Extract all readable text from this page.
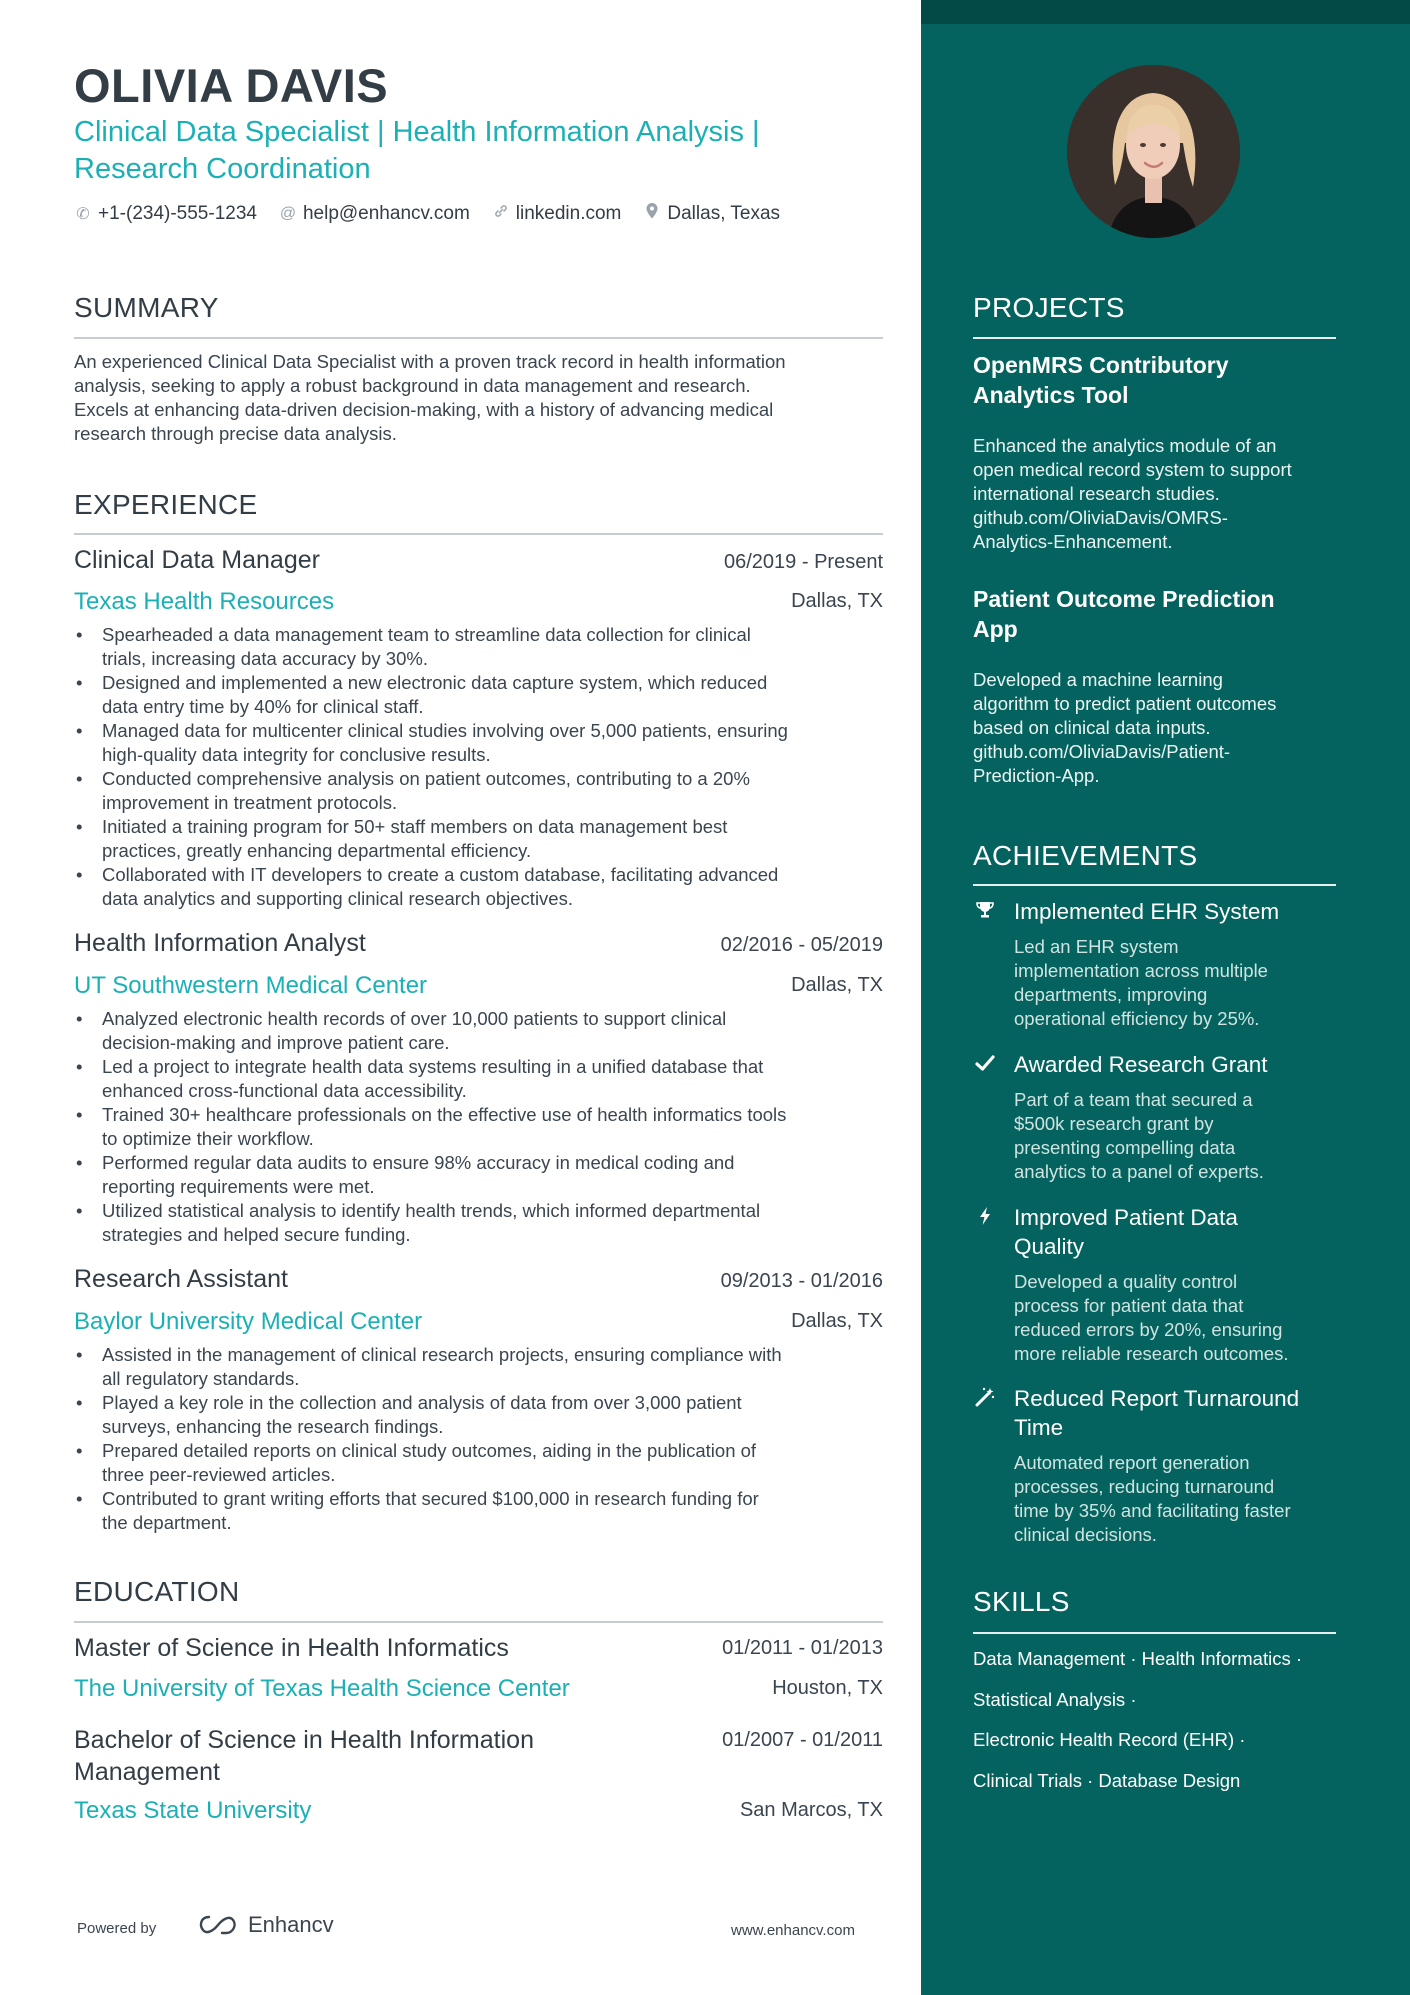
OLIVIA DAVIS
Clinical Data Specialist | Health Information Analysis |
Research Coordination
✆ +1-(234)-555-1234 @ help@enhancv.com linkedin.com Dallas, Texas
SUMMARY
An experienced Clinical Data Specialist with a proven track record in health information
analysis, seeking to apply a robust background in data management and research.
Excels at enhancing data-driven decision-making, with a history of advancing medical
research through precise data analysis.
EXPERIENCE
Clinical Data Manager	06/2019 - Present
Texas Health Resources	Dallas, TX
• Spearheaded a data management team to streamline data collection for clinical
trials, increasing data accuracy by 30%.
• Designed and implemented a new electronic data capture system, which reduced
data entry time by 40% for clinical staff.
• Managed data for multicenter clinical studies involving over 5,000 patients, ensuring
high-quality data integrity for conclusive results.
• Conducted comprehensive analysis on patient outcomes, contributing to a 20%
improvement in treatment protocols.
• Initiated a training program for 50+ staff members on data management best
practices, greatly enhancing departmental efficiency.
• Collaborated with IT developers to create a custom database, facilitating advanced
data analytics and supporting clinical research objectives.
Health Information Analyst	02/2016 - 05/2019
UT Southwestern Medical Center	Dallas, TX
• Analyzed electronic health records of over 10,000 patients to support clinical
decision-making and improve patient care.
• Led a project to integrate health data systems resulting in a unified database that
enhanced cross-functional data accessibility.
• Trained 30+ healthcare professionals on the effective use of health informatics tools
to optimize their workflow.
• Performed regular data audits to ensure 98% accuracy in medical coding and
reporting requirements were met.
• Utilized statistical analysis to identify health trends, which informed departmental
strategies and helped secure funding.
Research Assistant	09/2013 - 01/2016
Baylor University Medical Center	Dallas, TX
• Assisted in the management of clinical research projects, ensuring compliance with
all regulatory standards.
• Played a key role in the collection and analysis of data from over 3,000 patient
surveys, enhancing the research findings.
• Prepared detailed reports on clinical study outcomes, aiding in the publication of
three peer-reviewed articles.
• Contributed to grant writing efforts that secured $100,000 in research funding for
the department.
EDUCATION
Master of Science in Health Informatics	01/2011 - 01/2013
The University of Texas Health Science Center	Houston, TX
Bachelor of Science in Health Information
Management
01/2007 - 01/2011
Texas State University	San Marcos, TX
Powered by	Enhancv	www.enhancv.com
PROJECTS
OpenMRS Contributory
Analytics Tool
Enhanced the analytics module of an
open medical record system to support
international research studies.
github.com/OliviaDavis/OMRS-
Analytics-Enhancement.
Patient Outcome Prediction
App
Developed a machine learning
algorithm to predict patient outcomes
based on clinical data inputs.
github.com/OliviaDavis/Patient-
Prediction-App.
ACHIEVEMENTS
Implemented EHR System
Led an EHR system
implementation across multiple
departments, improving
operational efficiency by 25%.
Awarded Research Grant
Part of a team that secured a
$500k research grant by
presenting compelling data
analytics to a panel of experts.
Improved Patient Data
Quality
Developed a quality control
process for patient data that
reduced errors by 20%, ensuring
more reliable research outcomes.
Reduced Report Turnaround
Time
Automated report generation
processes, reducing turnaround
time by 35% and facilitating faster
clinical decisions.
SKILLS
Data Management · Health Informatics ·
Statistical Analysis ·
Electronic Health Record (EHR) ·
Clinical Trials · Database Design
